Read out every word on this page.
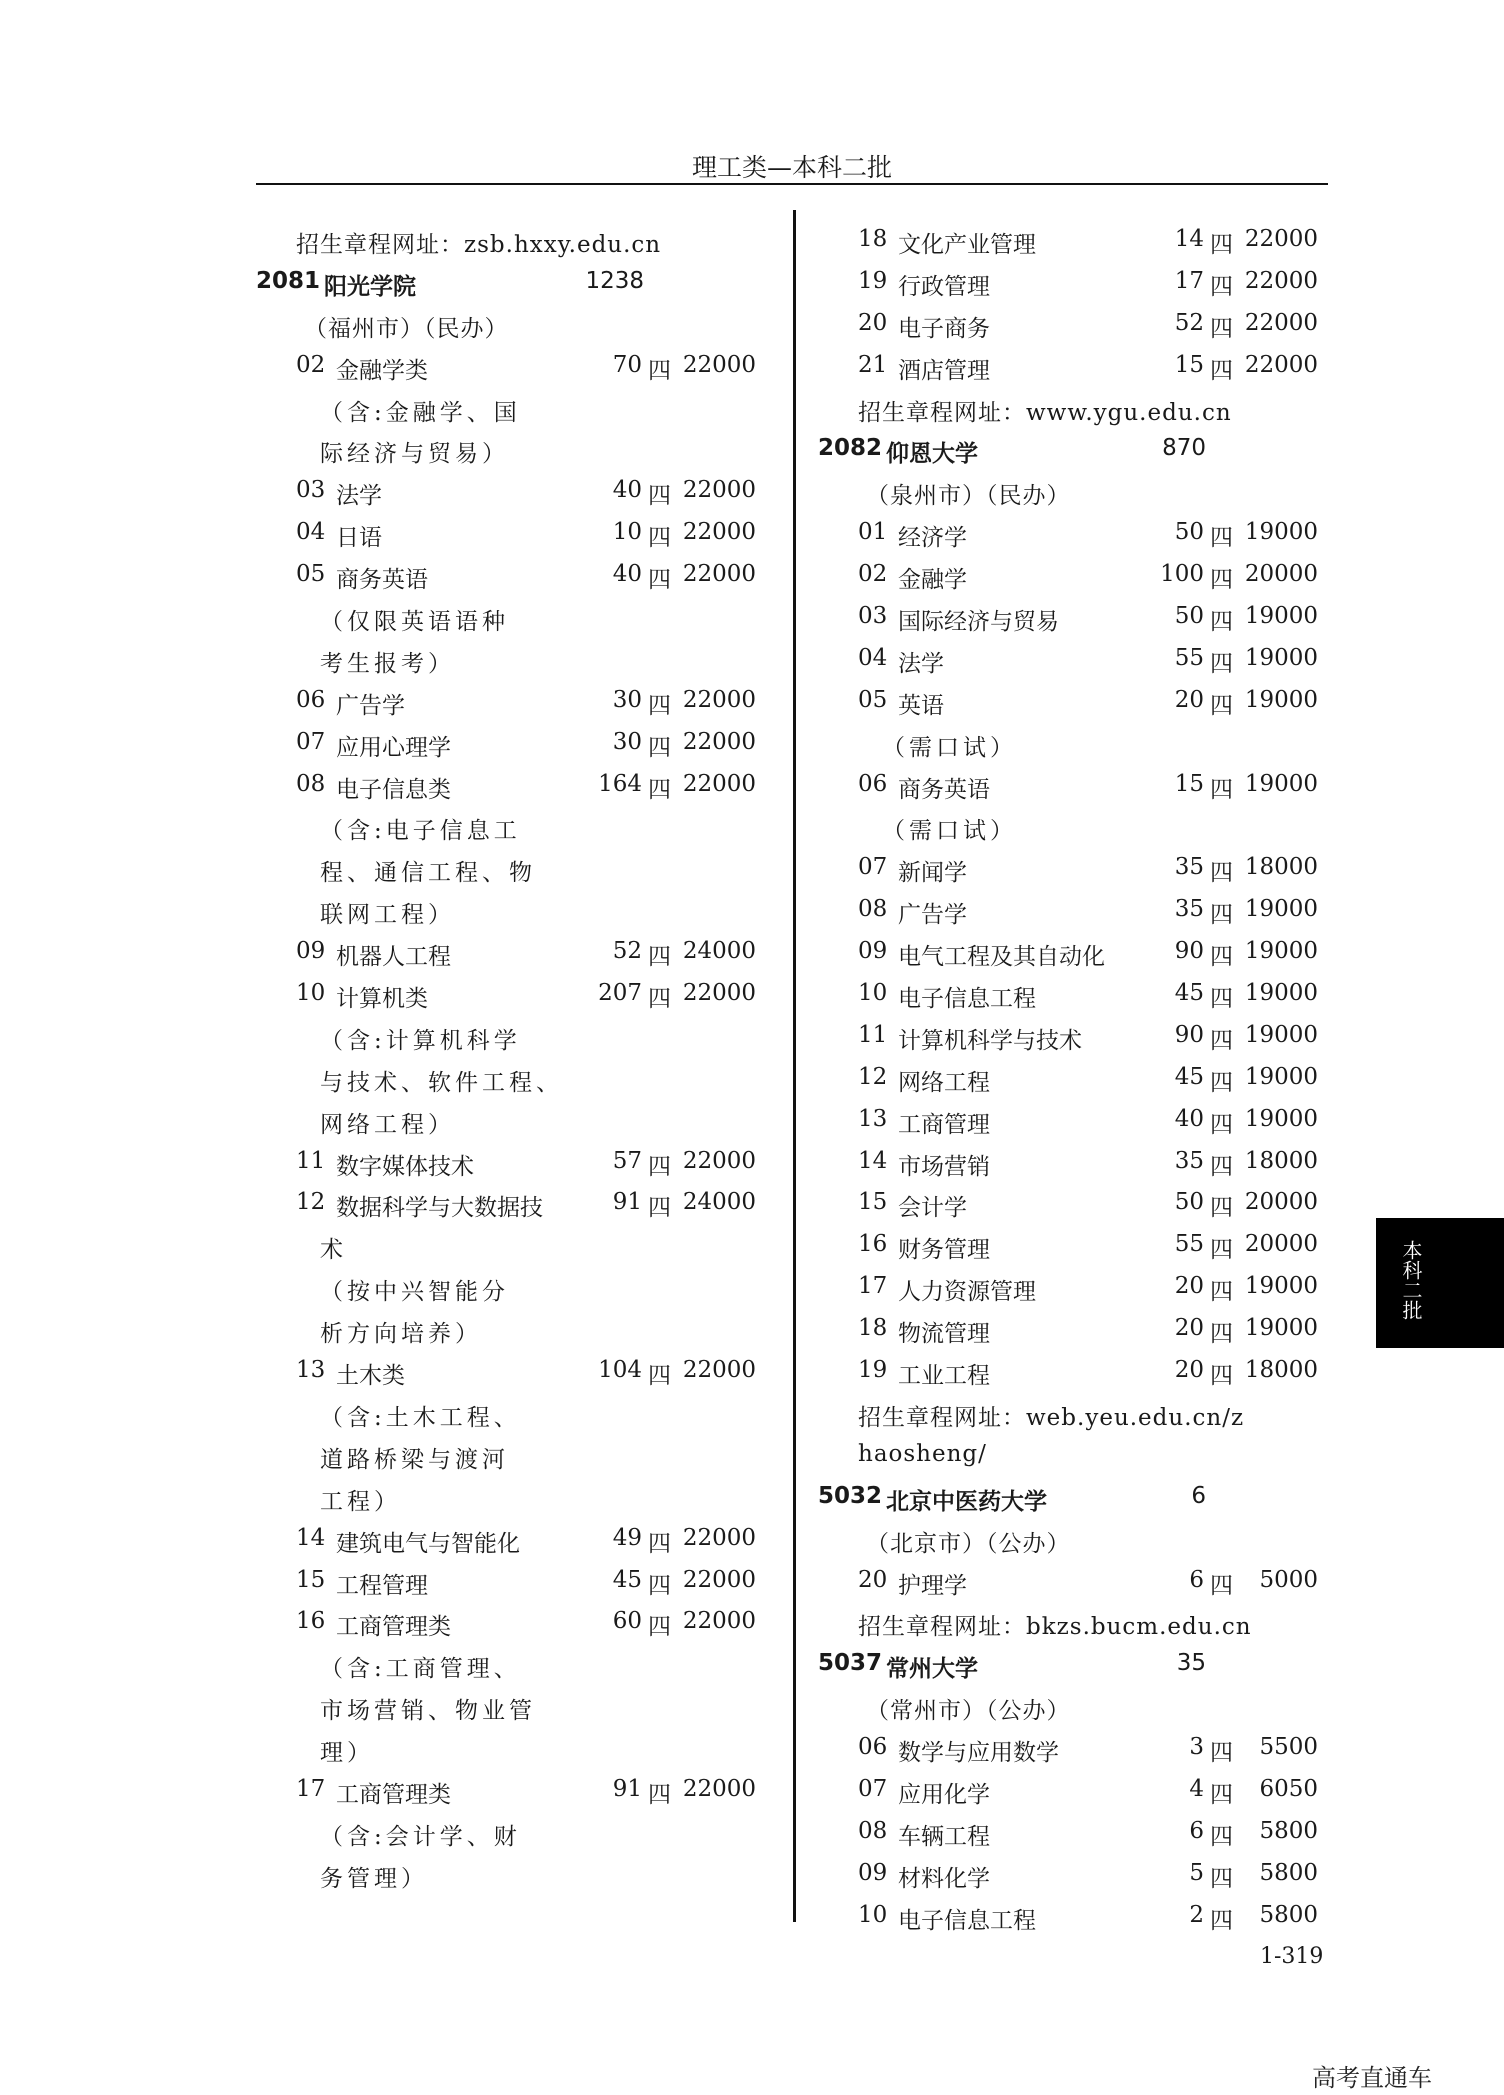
理工类—本科二批
招生章程网址：zsb.hxxy.edu.cn
2081 阳光学院	1238
（福州市）（民办）
02 金融学类	70 四 22000
（含:金融学、国
际经济与贸易）
03 法学	40 四 22000
04 日语	10 四 22000
05 商务英语	40 四 22000
（仅限英语语种
考生报考）
06 广告学	30 四 22000
07 应用心理学	30 四 22000
08 电子信息类	164 四 22000
（含:电子信息工
程、通信工程、物
联网工程）
09 机器人工程	52 四 24000
10 计算机类	207 四 22000
（含:计算机科学
与技术、软件工程、
网络工程）
11 数字媒体技术	57 四 22000
12 数据科学与大数据技	91 四 24000
术
（按中兴智能分
析方向培养）
13 土木类	104 四 22000
（含:土木工程、
道路桥梁与渡河
工程）
14 建筑电气与智能化	49 四 22000
15 工程管理	45 四 22000
16 工商管理类	60 四 22000
（含:工商管理、
市场营销、物业管
理）
17 工商管理类	91 四 22000
（含:会计学、财
务管理）
18 文化产业管理	14 四 22000
19 行政管理	17 四 22000
20 电子商务	52 四 22000
21 酒店管理	15 四 22000
招生章程网址：www.ygu.edu.cn
2082 仰恩大学	870
（泉州市）（民办）
01 经济学	50 四 19000
02 金融学	100 四 20000
03 国际经济与贸易	50 四 19000
04 法学	55 四 19000
05 英语	20 四 19000
（需口试）
06 商务英语	15 四 19000
（需口试）
07 新闻学	35 四 18000
08 广告学	35 四 19000
09 电气工程及其自动化	90 四 19000
10 电子信息工程	45 四 19000
11 计算机科学与技术	90 四 19000
12 网络工程	45 四 19000
13 工商管理	40 四 19000
14 市场营销	35 四 18000
15 会计学	50 四 20000
16 财务管理	55 四 20000
17 人力资源管理	20 四 19000
18 物流管理	20 四 19000
19 工业工程	20 四 18000
招生章程网址：web.yeu.edu.cn/z
haosheng/
5032 北京中医药大学	6
（北京市）（公办）
20 护理学	6 四 5000
招生章程网址：bkzs.bucm.edu.cn
5037 常州大学	35
（常州市）（公办）
06 数学与应用数学	3 四 5500
07 应用化学	4 四 6050
08 车辆工程	6 四 5800
09 材料化学	5 四 5800
10 电子信息工程	2 四 5800
本科二批
1-319
高考直通车
